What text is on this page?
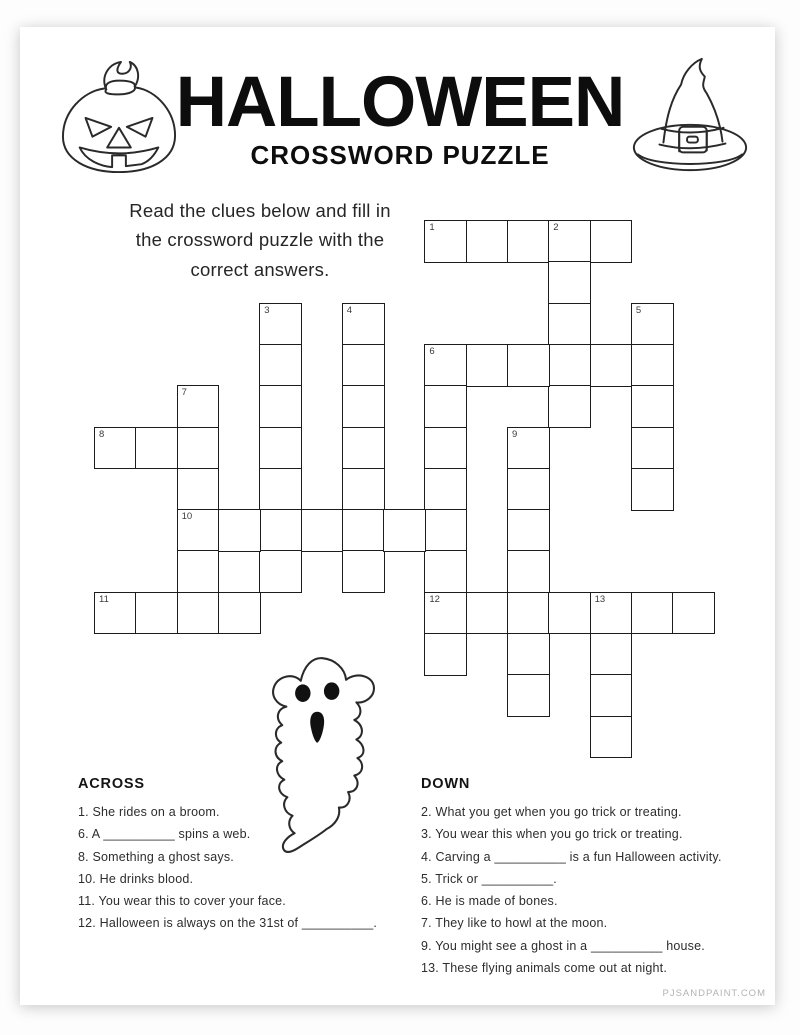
HALLOWEEN
CROSSWORD PUZZLE
Read the clues below and fill in
the crossword puzzle with the
correct answers.
1	2
3	4	5
6
12
7
10
8	9
11	13
ACROSS
1. She rides on a broom.
6. A __________ spins a web.
8. Something a ghost says.
10. He drinks blood.
11. You wear this to cover your face.
12. Halloween is always on the 31st of __________.
DOWN
2. What you get when you go trick or treating.
3. You wear this when you go trick or treating.
4. Carving a __________ is a fun Halloween activity.
5. Trick or __________.
6. He is made of bones.
7. They like to howl at the moon.
9. You might see a ghost in a __________ house.
13. These flying animals come out at night.
PJSANDPAINT.COM
